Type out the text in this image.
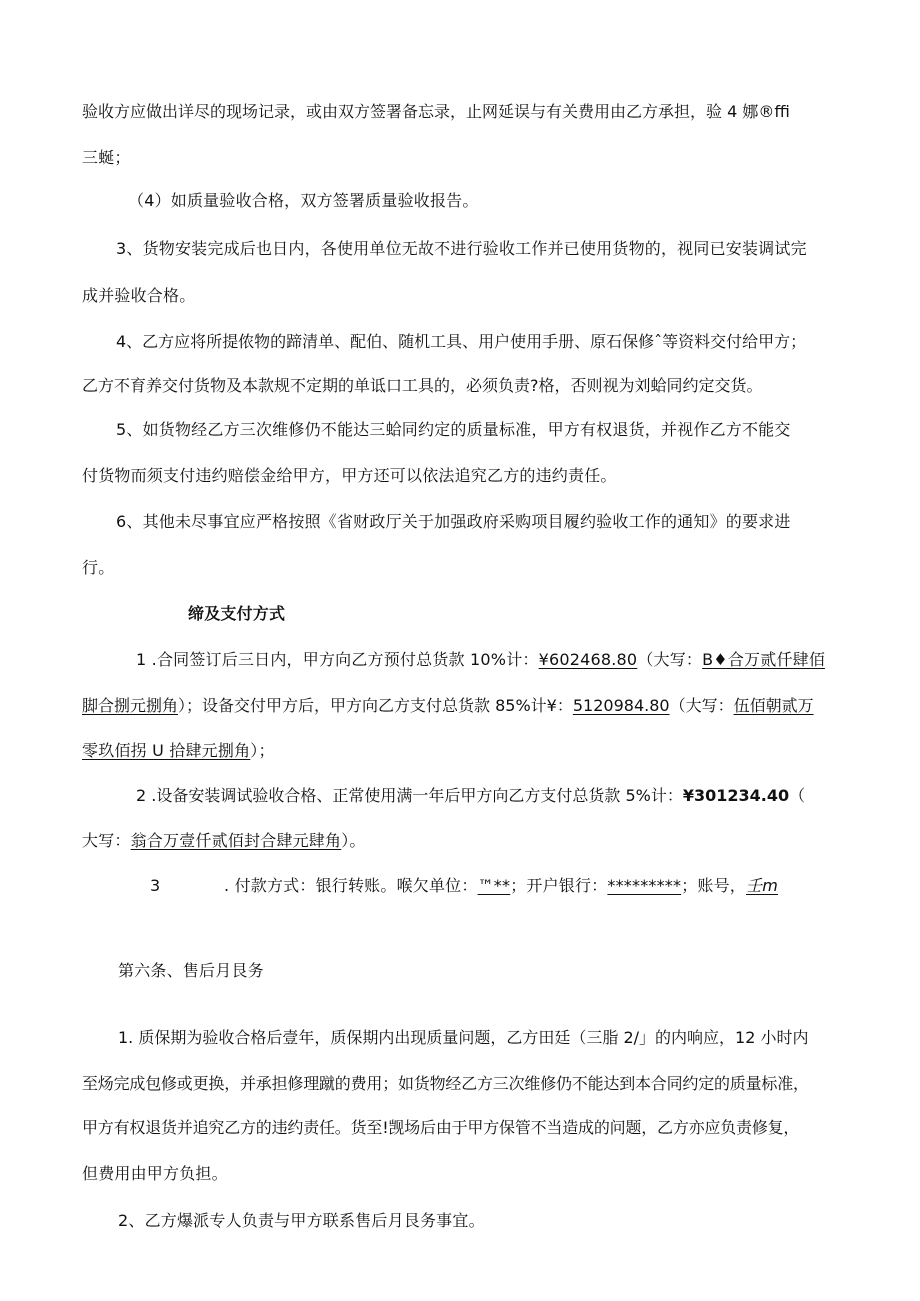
验收方应做出详尽的现场记录，或由双方签署备忘录，止网延误与有关费用由乙方承担，验 4 娜®ffi
三蜒；
（4）如质量验收合格，双方签署质量验收报告。
3、货物安装完成后也日内，各使用单位无故不进行验收工作并已使用货物的，视同已安装调试完
成并验收合格。
4、乙方应将所提侬物的蹄清单、配伯、随机工具、用户使用手册、原石保修ˆ等资料交付给甲方；
乙方不育养交付货物及本款规不定期的单诋口工具的，必须负责?格，否则视为刘蛤同约定交货。
5、如货物经乙方三次维修仍不能达三蛤同约定的质量标准，甲方有权退货，并视作乙方不能交
付货物而须支付违约赔偿金给甲方，甲方还可以依法追究乙方的违约责任。
6、其他未尽事宜应严格按照《省财政厅关于加强政府采购项目履约验收工作的通知》的要求进
行。
缔及支付方式
1 .合同签订后三日内，甲方向乙方预付总货款 10%计：¥602468.80（大写：B♦合万贰仟肆佰
脚合捌元捌角）；设备交付甲方后，甲方向乙方支付总货款 85%计¥：5120984.80（大写：伍佰朝贰万
零玖佰拐 U 拾肆元捌角）；
2 .设备安装调试验收合格、正常使用满一年后甲方向乙方支付总货款 5%计：¥301234.40（
大写：翁合万壹仟贰佰封合肆元肆角）。
3	. 付款方式：银行转账。喉欠单位：™**；开户银行：*********；账号，壬m
第六条、售后月艮务
1. 质保期为验收合格后壹年，质保期内出现质量问题，乙方田廷（三脂 2/」的内响应，12 小时内
至炀完成包修或更换，并承担修理蹴的费用；如货物经乙方三次维修仍不能达到本合同约定的质量标准，
甲方有权退货并追究乙方的违约责任。货至!觊场后由于甲方保管不当造成的问题，乙方亦应负责修复，
但费用由甲方负担。
2、乙方爆派专人负责与甲方联系售后月艮务事宜。
